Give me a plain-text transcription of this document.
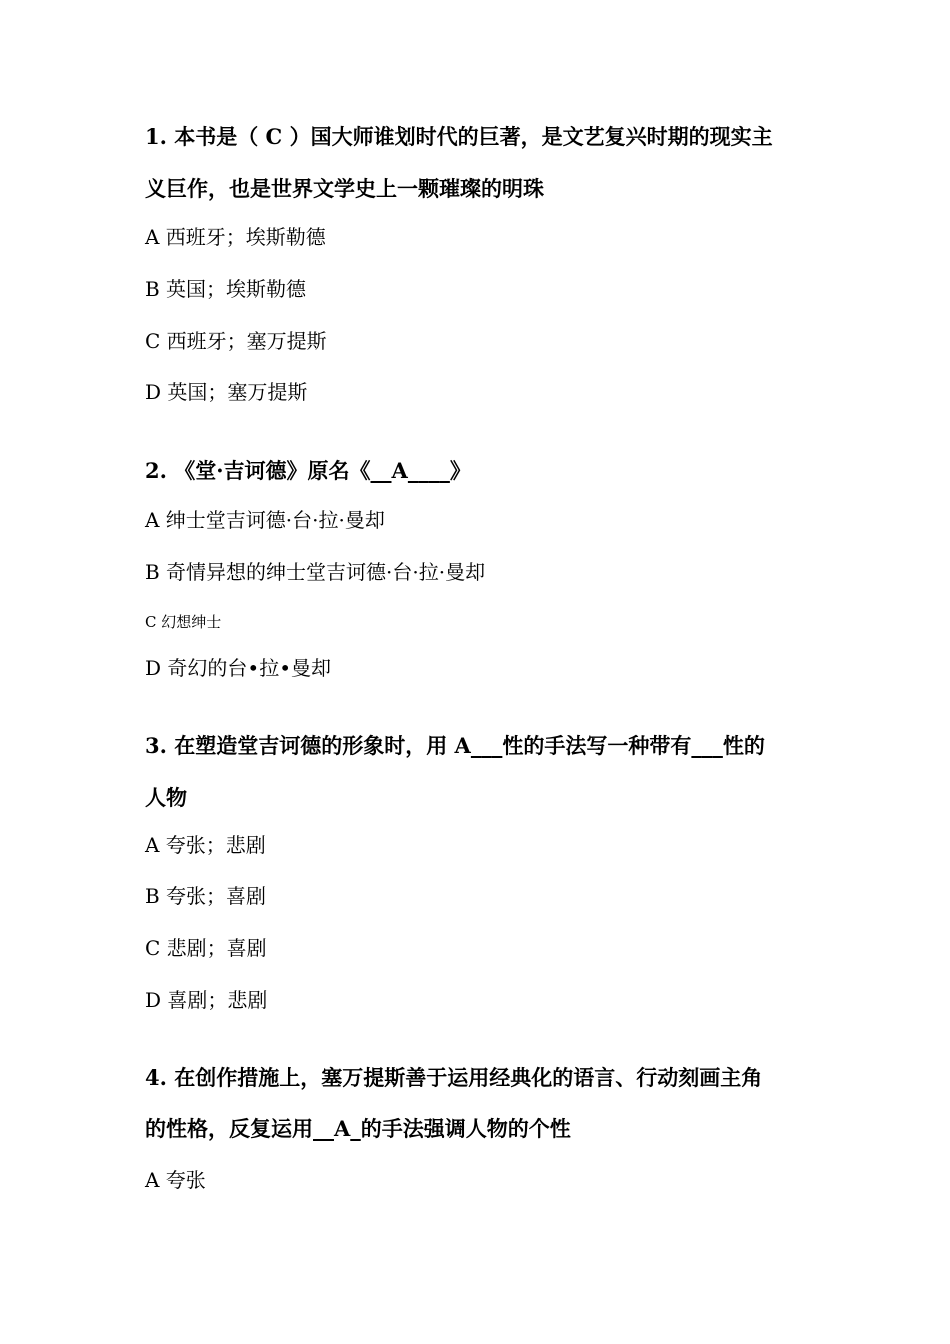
1. 本书是（ C ）国大师谁划时代的巨著，是文艺复兴时期的现实主
义巨作，也是世界文学史上一颗璀璨的明珠
A 西班牙；埃斯勒德
B 英国；埃斯勒德
C 西班牙；塞万提斯
D 英国；塞万提斯
2. 《堂·吉诃德》原名《__A____》
A 绅士堂吉诃德·台·拉·曼却
B 奇情异想的绅士堂吉诃德·台·拉·曼却
C 幻想绅士
D 奇幻的台•拉•曼却
3. 在塑造堂吉诃德的形象时，用 A___性的手法写一种带有___性的
人物
A 夸张；悲剧
B 夸张；喜剧
C 悲剧；喜剧
D 喜剧；悲剧
4. 在创作措施上，塞万提斯善于运用经典化的语言、行动刻画主角
的性格，反复运用__A_的手法强调人物的个性
A 夸张
